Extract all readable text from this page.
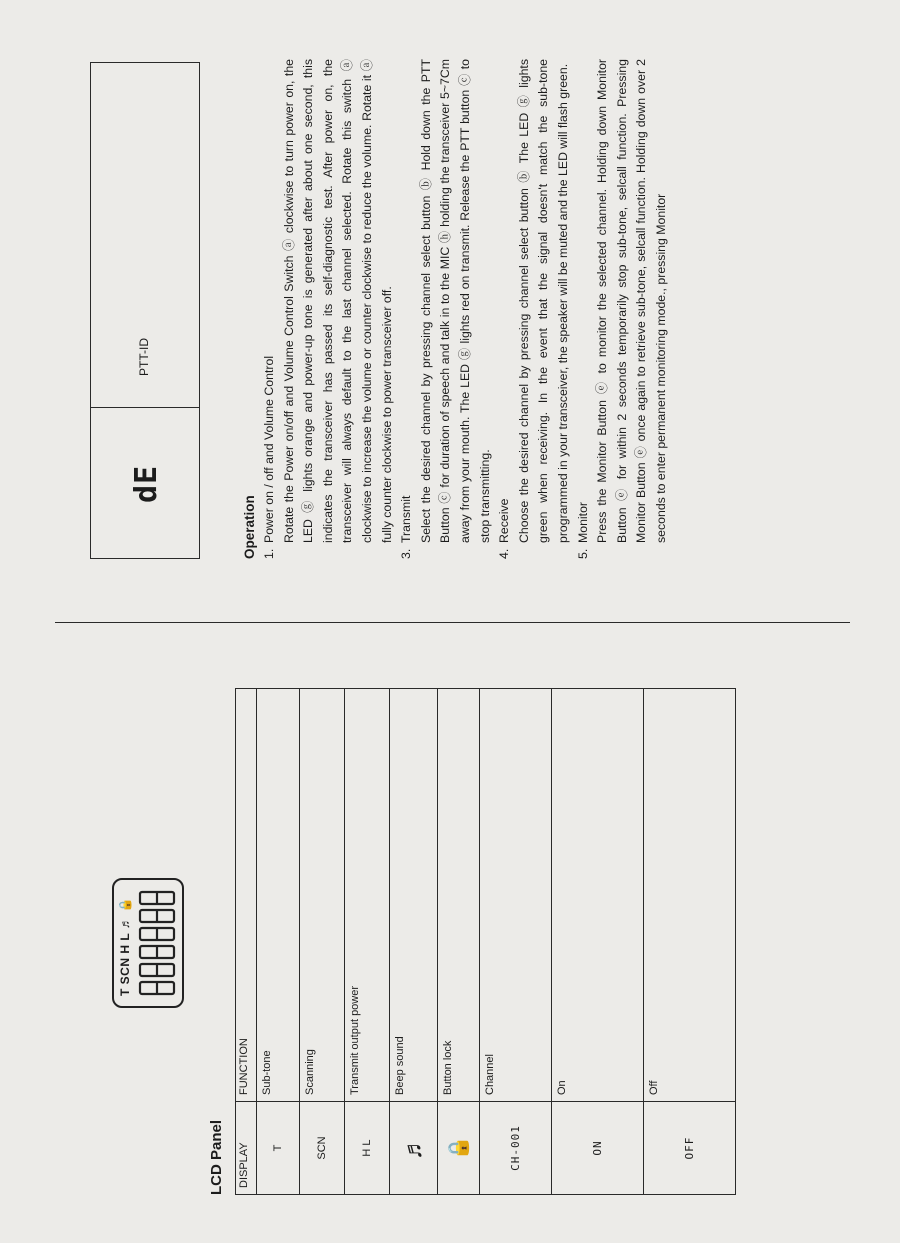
LCD Panel
T SCN H L ♬ 🔒
DISPLAY	FUNCTION
T	Sub-tone
SCN	Scanning
H L	Transmit output power
♬	Beep sound
🔒	Button lock
CH-001	Channel
ON	On
OFF	Off
dE
PTT-ID
Operation 1.
Power on / off and Volume Control Rotate the Power on/off and Volume Control Switch ⓐ clockwise to turn power on, the LED ⓖ lights orange and power-up tone is generated after about one second, this indicates the transceiver has passed its self-diagnostic test. After power on, the transceiver will always default to the last channel selected. Rotate this switch ⓐ clockwise to increase the volume or counter clockwise to reduce the volume. Rotate it ⓐ fully counter clockwise to power transceiver off.

3.
Transmit Select the desired channel by pressing channel select button ⓑ Hold down the PTT Button ⓒ for duration of speech and talk in to the MIC ⓗ holding the transceiver 5~7Cm away from your mouth. The LED ⓖ lights red on transmit. Release the PTT button ⓒ to stop transmitting.

4.
Receive Choose the desired channel by pressing channel select button ⓑ The LED ⓖ lights green when receiving. In the event that the signal doesn't match the sub-tone programmed in your transceiver, the speaker will be muted and the LED will flash green.

5.
Monitor Press the Monitor Button ⓔ to monitor the selected channel. Holding down Monitor Button ⓔ for within 2 seconds temporarily stop sub-tone, selcall function. Pressing Monitor Button ⓔ once again to retrieve sub-tone, selcall function. Holding down over 2 seconds to enter permanent monitoring mode., pressing Monitor
